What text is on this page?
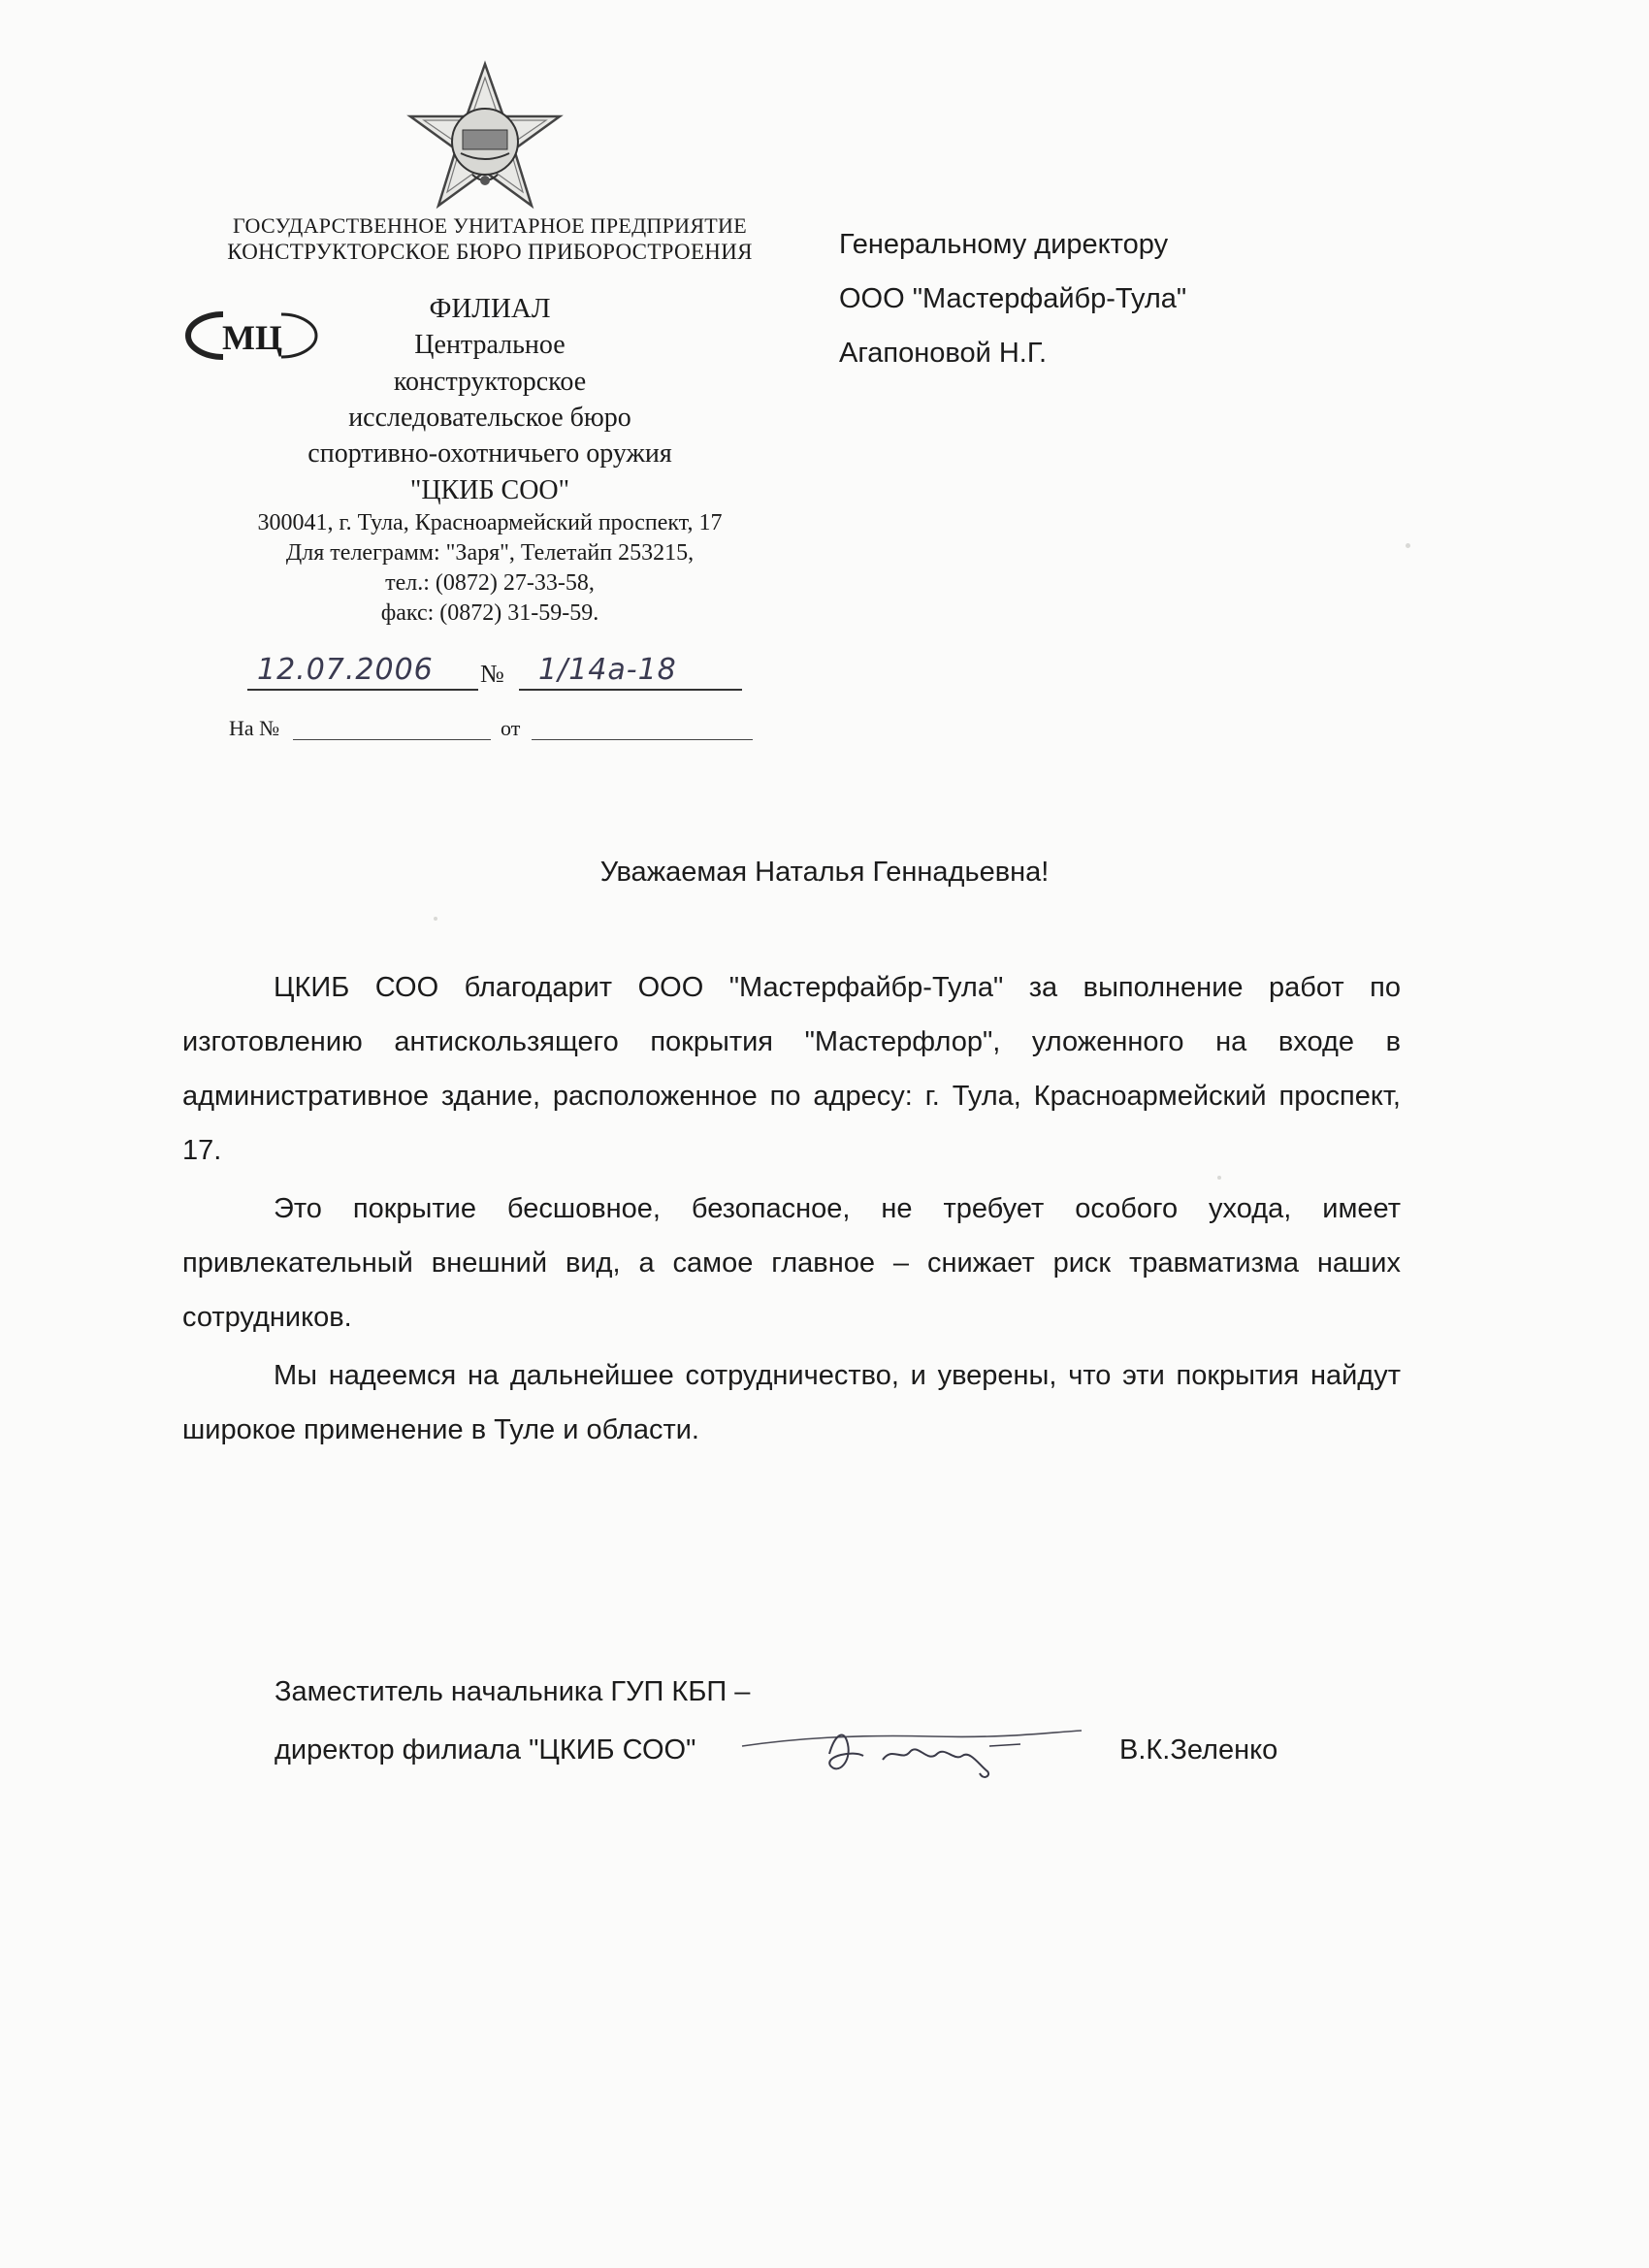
ГОСУДАРСТВЕННОЕ УНИТАРНОЕ ПРЕДПРИЯТИЕ
КОНСТРУКТОРСКОЕ БЮРО ПРИБОРОСТРОЕНИЯ
МЦ
ФИЛИАЛ
Центральное
конструкторское
исследовательское бюро
спортивно-охотничьего оружия
"ЦКИБ СОО"
300041, г. Тула, Красноармейский проспект, 17
Для телеграмм: "Заря", Телетайп 253215,
тел.: (0872) 27-33-58,
факс: (0872) 31-59-59.
12.07.2006 № 1/14а-18
На №	от
Генеральному директору
ООО "Мастерфайбр-Тула"
Агапоновой Н.Г.
Уважаемая Наталья Геннадьевна!

ЦКИБ СОО благодарит ООО "Мастерфайбр-Тула" за выполнение работ по изготовлению антискользящего покрытия "Мастерфлор", уложенного на входе в административное здание, расположенное по адресу: г. Тула, Красноармейский проспект, 17.

Это покрытие бесшовное, безопасное, не требует особого ухода, имеет привлекательный внешний вид, а самое главное – снижает риск травматизма наших сотрудников.

Мы надеемся на дальнейшее сотрудничество, и уверены, что эти покрытия найдут широкое применение в Туле и области.

Заместитель начальника ГУП КБП –
директор филиала "ЦКИБ СОО"	В.К.Зеленко
